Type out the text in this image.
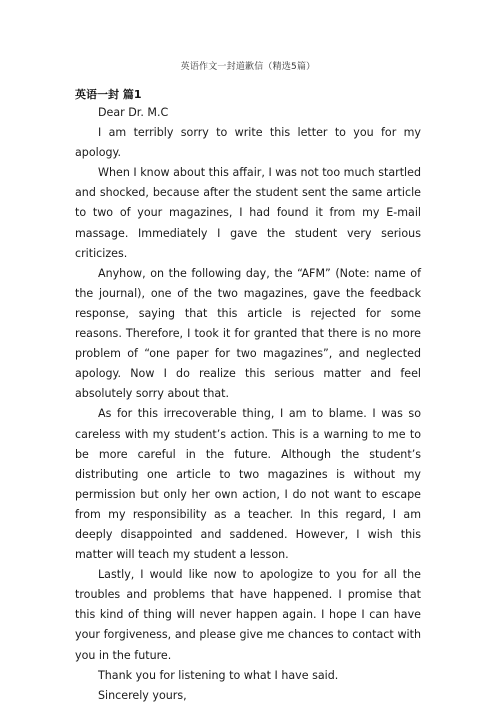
英语作文一封道歉信（精选5篇）
英语一封 篇1

Dear Dr. M.C

I am terribly sorry to write this letter to you for my apology.

When I know about this affair, I was not too much startled and shocked, because after the student sent the same article to two of your magazines, I had found it from my E-mail massage. Immediately I gave the student very serious criticizes.

Anyhow, on the following day, the “AFM” (Note: name of the journal), one of the two magazines, gave the feedback response, saying that this article is rejected for some reasons. Therefore, I took it for granted that there is no more problem of “one paper for two magazines”, and neglected apology. Now I do realize this serious matter and feel absolutely sorry about that.

As for this irrecoverable thing, I am to blame. I was so careless with my student’s action. This is a warning to me to be more careful in the future. Although the student’s distributing one article to two magazines is without my permission but only her own action, I do not want to escape from my responsibility as a teacher. In this regard, I am deeply disappointed and saddened. However, I wish this matter will teach my student a lesson.

Lastly, I would like now to apologize to you for all the troubles and problems that have happened. I promise that this kind of thing will never happen again. I hope I can have your forgiveness, and please give me chances to contact with you in the future.

Thank you for listening to what I have said.

Sincerely yours,
